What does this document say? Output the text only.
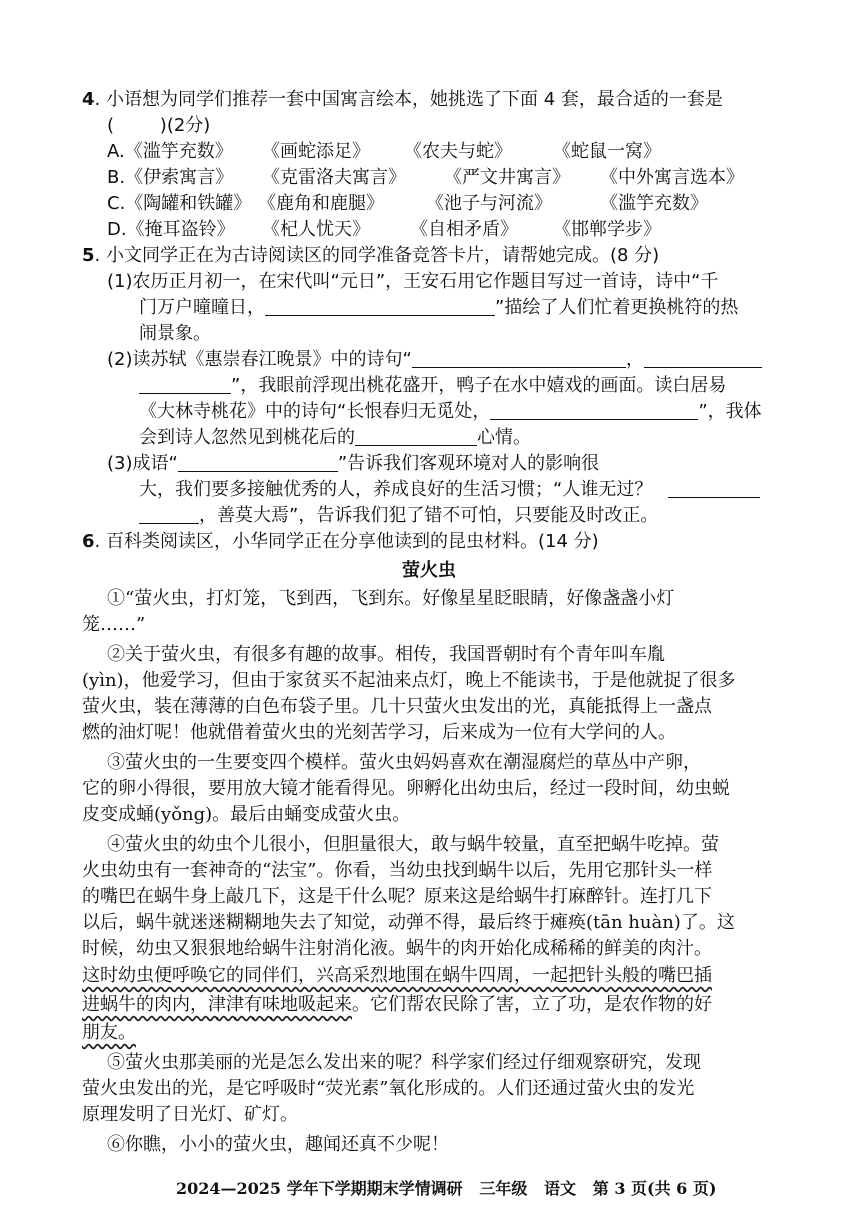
4. 小语想为同学们推荐一套中国寓言绘本，她挑选了下面 4 套，最合适的一套是
(        )(2分)
A.《滥竽充数》 《画蛇添足》 《农夫与蛇》 《蛇鼠一窝》
B.《伊索寓言》 《克雷洛夫寓言》 《严文井寓言》 《中外寓言选本》
C.《陶罐和铁罐》 《鹿角和鹿腿》 《池子与河流》	《滥竽充数》
D.《掩耳盗铃》 《杞人忧天》 《自相矛盾》 《邯郸学步》
5. 小文同学正在为古诗阅读区的同学准备竞答卡片，请帮她完成。(8 分)
(1)农历正月初一，在宋代叫“元日”，王安石用它作题目写过一首诗，诗中“千
门万户曈曈日，	”描绘了人们忙着更换桃符的热
闹景象。
(2)读苏轼《惠崇春江晚景》中的诗句“	，
”，我眼前浮现出桃花盛开，鸭子在水中嬉戏的画面。读白居易
《大林寺桃花》中的诗句“长恨春归无觅处，	”，我体
会到诗人忽然见到桃花后的	心情。
(3)成语“	”告诉我们客观环境对人的影响很
大，我们要多接触优秀的人，养成良好的生活习惯；“人谁无过？
，善莫大焉”，告诉我们犯了错不可怕，只要能及时改正。
6. 百科类阅读区，小华同学正在分享他读到的昆虫材料。(14 分)
萤火虫
①“萤火虫，打灯笼，飞到西，飞到东。好像星星眨眼睛，好像盏盏小灯
笼……”
②关于萤火虫，有很多有趣的故事。相传，我国晋朝时有个青年叫车胤
(yìn)，他爱学习，但由于家贫买不起油来点灯，晚上不能读书，于是他就捉了很多
萤火虫，装在薄薄的白色布袋子里。几十只萤火虫发出的光，真能抵得上一盏点
燃的油灯呢！他就借着萤火虫的光刻苦学习，后来成为一位有大学问的人。
③萤火虫的一生要变四个模样。萤火虫妈妈喜欢在潮湿腐烂的草丛中产卵，
它的卵小得很，要用放大镜才能看得见。卵孵化出幼虫后，经过一段时间，幼虫蜕
皮变成蛹(yǒng)。最后由蛹变成萤火虫。
④萤火虫的幼虫个儿很小，但胆量很大，敢与蜗牛较量，直至把蜗牛吃掉。萤
火虫幼虫有一套神奇的“法宝”。你看，当幼虫找到蜗牛以后，先用它那针头一样
的嘴巴在蜗牛身上敲几下，这是干什么呢？原来这是给蜗牛打麻醉针。连打几下
以后，蜗牛就迷迷糊糊地失去了知觉，动弹不得，最后终于瘫痪(tān huàn)了。这
时候，幼虫又狠狠地给蜗牛注射消化液。蜗牛的肉开始化成稀稀的鲜美的肉汁。
这时幼虫便呼唤它的同伴们，兴高采烈地围在蜗牛四周，一起把针头般的嘴巴插
进蜗牛的肉内，津津有味地吸起来。它们帮农民除了害，立了功，是农作物的好
朋友。
⑤萤火虫那美丽的光是怎么发出来的呢？科学家们经过仔细观察研究，发现
萤火虫发出的光，是它呼吸时“荧光素”氧化形成的。人们还通过萤火虫的发光
原理发明了日光灯、矿灯。
⑥你瞧，小小的萤火虫，趣闻还真不少呢！
2024—2025 学年下学期期末学情调研   三年级   语文   第 3 页(共 6 页)
